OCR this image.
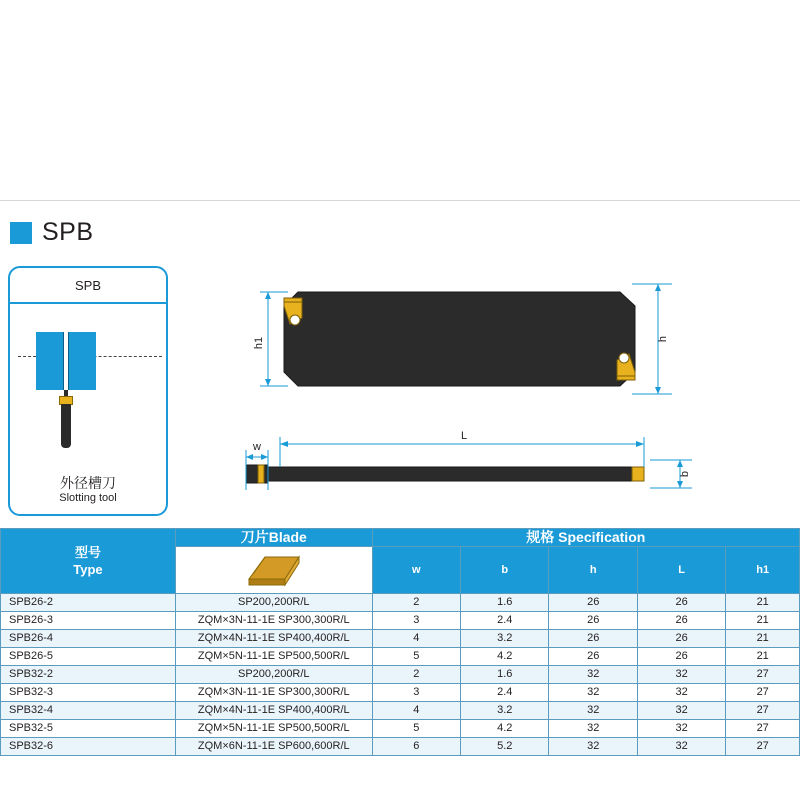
SPB
SPB
外径槽刀
Slotting tool
h1	h
w
L
b
型号
Type	刀片Blade	规格 Specification				

	w	b	h	L	h1

SPB26-2	SP200,200R/L	2	1.6	26	26	21
SPB26-3	ZQM×3N-11-1E SP300,300R/L	3	2.4	26	26	21
SPB26-4	ZQM×4N-11-1E SP400,400R/L	4	3.2	26	26	21
SPB26-5	ZQM×5N-11-1E SP500,500R/L	5	4.2	26	26	21
SPB32-2	SP200,200R/L	2	1.6	32	32	27
SPB32-3	ZQM×3N-11-1E SP300,300R/L	3	2.4	32	32	27
SPB32-4	ZQM×4N-11-1E SP400,400R/L	4	3.2	32	32	27
SPB32-5	ZQM×5N-11-1E SP500,500R/L	5	4.2	32	32	27
SPB32-6	ZQM×6N-11-1E SP600,600R/L	6	5.2	32	32	27
